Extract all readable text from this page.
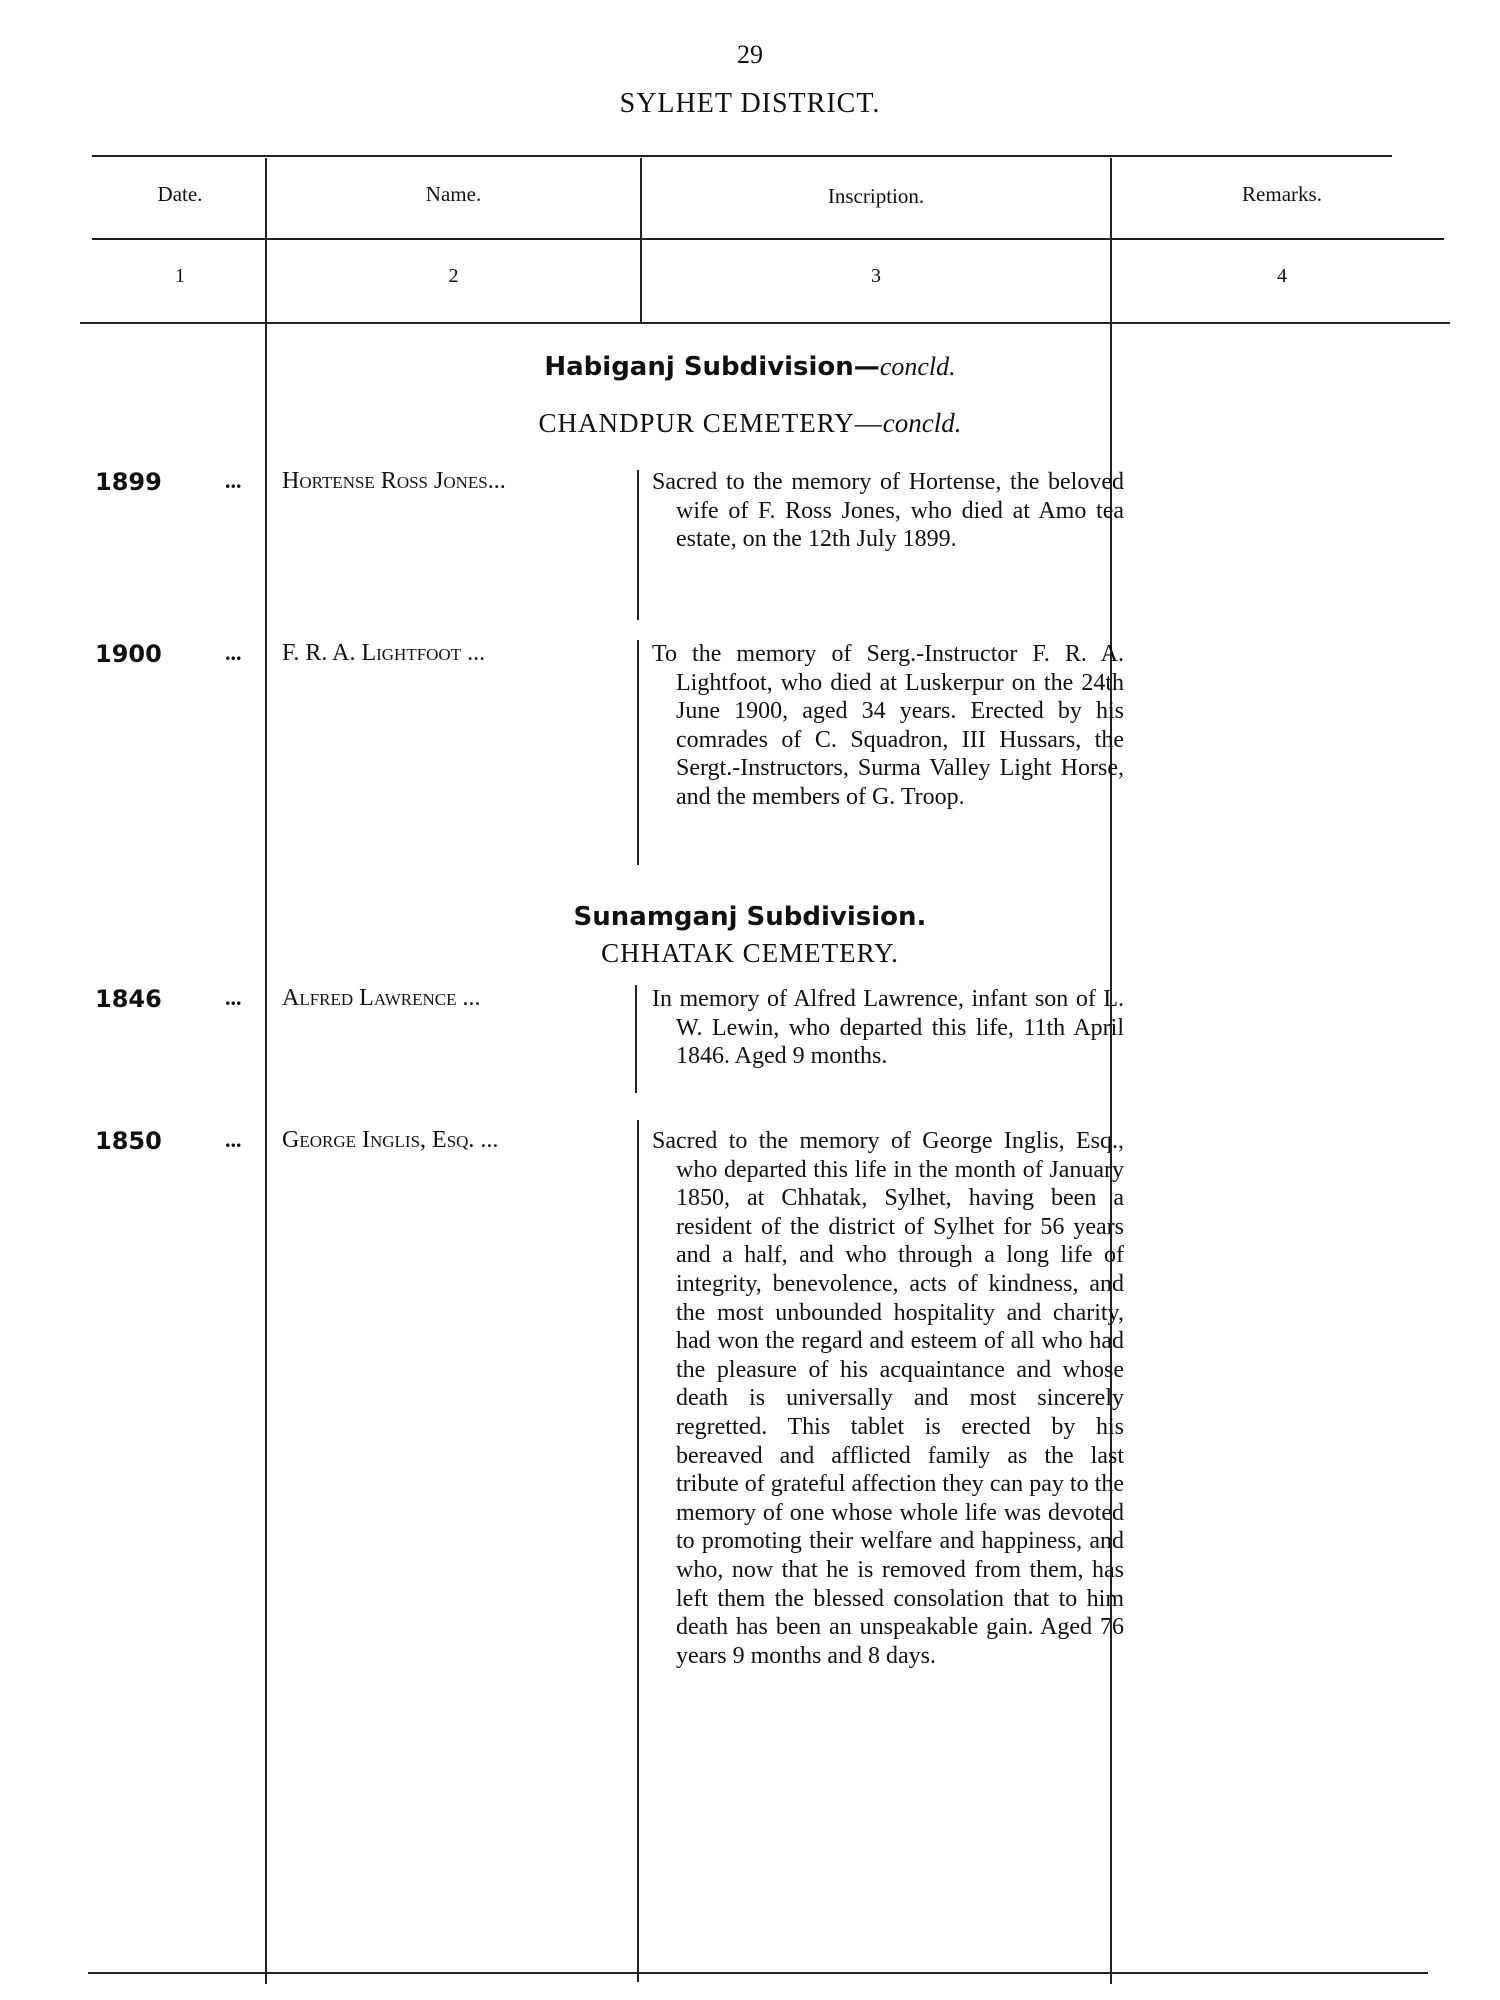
29
SYLHET DISTRICT.
Date.	Name.	Inscription.	Remarks.
1	2	3	4
Habiganj Subdivision—concld.
CHANDPUR CEMETERY—concld.
1899	... Hortense Ross Jones...	Sacred to the memory of Hortense, the beloved wife of F. Ross Jones, who died at Amo tea estate, on the 12th July 1899.
1900	... F. R. A. Lightfoot ...	To the memory of Serg.-Instructor F. R. A. Lightfoot, who died at Luskerpur on the 24th June 1900, aged 34 years. Erected by his comrades of C. Squadron, III Hussars, the Sergt.-Instructors, Surma Valley Light Horse, and the members of G. Troop.
Sunamganj Subdivision.
CHHATAK CEMETERY.
1846	... Alfred Lawrence ...	In memory of Alfred Lawrence, infant son of L. W. Lewin, who departed this life, 11th April 1846. Aged 9 months.
1850	... George Inglis, Esq. ...	Sacred to the memory of George Inglis, Esq., who departed this life in the month of January 1850, at Chhatak, Sylhet, having been a resident of the district of Sylhet for 56 years and a half, and who through a long life of integrity, benevolence, acts of kindness, and the most unbounded hospitality and charity, had won the regard and esteem of all who had the pleasure of his acquaintance and whose death is universally and most sincerely regretted. This tablet is erected by his bereaved and afflicted family as the last tribute of grateful affection they can pay to the memory of one whose whole life was devoted to promoting their welfare and happiness, and who, now that he is removed from them, has left them the blessed consolation that to him death has been an unspeakable gain. Aged 76 years 9 months and 8 days.
